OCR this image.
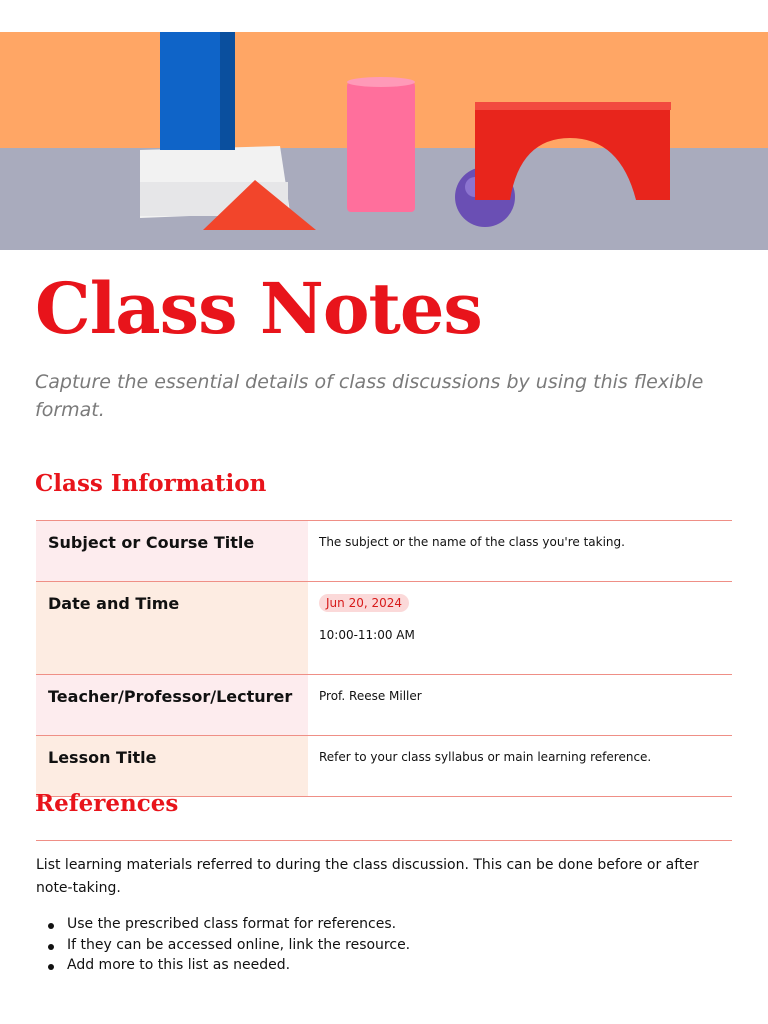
Class Notes

Capture the essential details of class discussions by using this flexible format.

Class Information
Subject or Course Title	The subject or the name of the class you're taking.
Date and Time	Jun 20, 2024
10:00-11:00 AM

Teacher/Professor/Lecturer	Prof. Reese Miller
Lesson Title	Refer to your class syllabus or main learning reference.
References

List learning materials referred to during the class discussion. This can be done before or after note-taking.

Use the prescribed class format for references.
If they can be accessed online, link the resource.
Add more to this list as needed.
